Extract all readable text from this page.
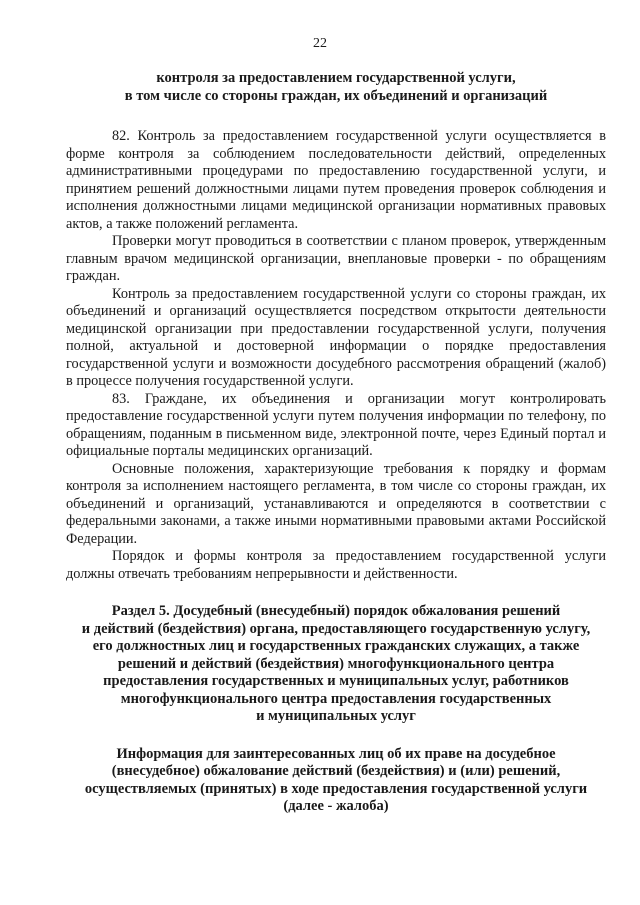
22
контроля за предоставлением государственной услуги,
в том числе со стороны граждан, их объединений и организаций

82. Контроль за предоставлением государственной услуги осуществляется в форме контроля за соблюдением последовательности действий, определенных административными процедурами по предоставлению государственной услуги, и принятием решений должностными лицами путем проведения проверок соблюдения и исполнения должностными лицами медицинской организации нормативных правовых актов, а также положений регламента.

Проверки могут проводиться в соответствии с планом проверок, утвержденным главным врачом медицинской организации, внеплановые проверки - по обращениям граждан.

Контроль за предоставлением государственной услуги со стороны граждан, их объединений и организаций осуществляется посредством открытости деятельности медицинской организации при предоставлении государственной услуги, получения полной, актуальной и достоверной информации о порядке предоставления государственной услуги и возможности досудебного рассмотрения обращений (жалоб) в процессе получения государственной услуги.

83. Граждане, их объединения и организации могут контролировать предоставление государственной услуги путем получения информации по телефону, по обращениям, поданным в письменном виде, электронной почте, через Единый портал и официальные порталы медицинских организаций.

Основные положения, характеризующие требования к порядку и формам контроля за исполнением настоящего регламента, в том числе со стороны граждан, их объединений и организаций, устанавливаются и определяются в соответствии с федеральными законами, а также иными нормативными правовыми актами Российской Федерации.

Порядок и формы контроля за предоставлением государственной услуги должны отвечать требованиям непрерывности и действенности.

Раздел 5. Досудебный (внесудебный) порядок обжалования решений
и действий (бездействия) органа, предоставляющего государственную услугу,
его должностных лиц и государственных гражданских служащих, а также
решений и действий (бездействия) многофункционального центра
предоставления государственных и муниципальных услуг, работников
многофункционального центра предоставления государственных
и муниципальных услуг
Информация для заинтересованных лиц об их праве на досудебное
(внесудебное) обжалование действий (бездействия) и (или) решений,
осуществляемых (принятых) в ходе предоставления государственной услуги
(далее - жалоба)
